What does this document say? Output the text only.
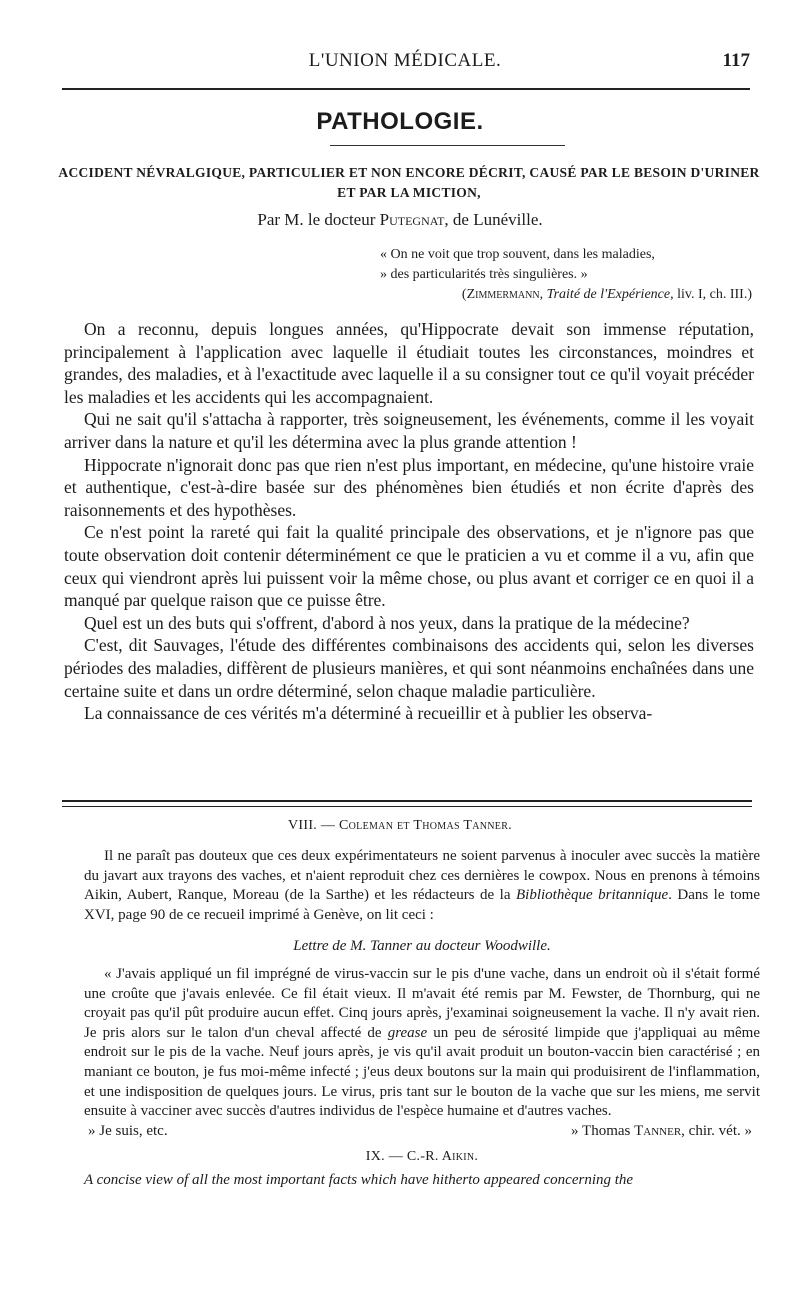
L'UNION MÉDICALE.	117
PATHOLOGIE.
ACCIDENT NÉVRALGIQUE, PARTICULIER ET NON ENCORE DÉCRIT, CAUSÉ PAR LE BESOIN D'URINER ET PAR LA MICTION,
Par M. le docteur Putegnat, de Lunéville.
« On ne voit que trop souvent, dans les maladies,
» des particularités très singulières. »
(Zimmermann, Traité de l'Expérience, liv. I, ch. III.)

On a reconnu, depuis longues années, qu'Hippocrate devait son immense réputation, principalement à l'application avec laquelle il étudiait toutes les circonstances, moindres et grandes, des maladies, et à l'exactitude avec laquelle il a su consigner tout ce qu'il voyait précéder les maladies et les accidents qui les accompagnaient.

Qui ne sait qu'il s'attacha à rapporter, très soigneusement, les événements, comme il les voyait arriver dans la nature et qu'il les détermina avec la plus grande attention !

Hippocrate n'ignorait donc pas que rien n'est plus important, en médecine, qu'une histoire vraie et authentique, c'est-à-dire basée sur des phénomènes bien étudiés et non écrite d'après des raisonnements et des hypothèses.

Ce n'est point la rareté qui fait la qualité principale des observations, et je n'ignore pas que toute observation doit contenir déterminément ce que le praticien a vu et comme il a vu, afin que ceux qui viendront après lui puissent voir la même chose, ou plus avant et corriger ce en quoi il a manqué par quelque raison que ce puisse être.

Quel est un des buts qui s'offrent, d'abord à nos yeux, dans la pratique de la médecine?

C'est, dit Sauvages, l'étude des différentes combinaisons des accidents qui, selon les diverses périodes des maladies, diffèrent de plusieurs manières, et qui sont néanmoins enchaînées dans une certaine suite et dans un ordre déterminé, selon chaque maladie particulière.

La connaissance de ces vérités m'a déterminé à recueillir et à publier les observa-

VIII. — Coleman et Thomas Tanner.

Il ne paraît pas douteux que ces deux expérimentateurs ne soient parvenus à inoculer avec succès la matière du javart aux trayons des vaches, et n'aient reproduit chez ces dernières le cowpox. Nous en prenons à témoins Aikin, Aubert, Ranque, Moreau (de la Sarthe) et les rédacteurs de la Bibliothèque britannique. Dans le tome XVI, page 90 de ce recueil imprimé à Genève, on lit ceci :

Lettre de M. Tanner au docteur Woodwille.

« J'avais appliqué un fil imprégné de virus-vaccin sur le pis d'une vache, dans un endroit où il s'était formé une croûte que j'avais enlevée. Ce fil était vieux. Il m'avait été remis par M. Fewster, de Thornburg, qui ne croyait pas qu'il pût produire aucun effet. Cinq jours après, j'examinai soigneusement la vache. Il n'y avait rien. Je pris alors sur le talon d'un cheval affecté de grease un peu de sérosité limpide que j'appliquai au même endroit sur le pis de la vache. Neuf jours après, je vis qu'il avait produit un bouton-vaccin bien caractérisé ; en maniant ce bouton, je fus moi-même infecté ; j'eus deux boutons sur la main qui produisirent de l'inflammation, et une indisposition de quelques jours. Le virus, pris tant sur le bouton de la vache que sur les miens, me servit ensuite à vacciner avec succès d'autres individus de l'espèce humaine et d'autres vaches.

» Je suis, etc.	» Thomas Tanner, chir. vét. »

IX. — C.-R. Aikin.

A concise view of all the most important facts which have hitherto appeared concerning the
